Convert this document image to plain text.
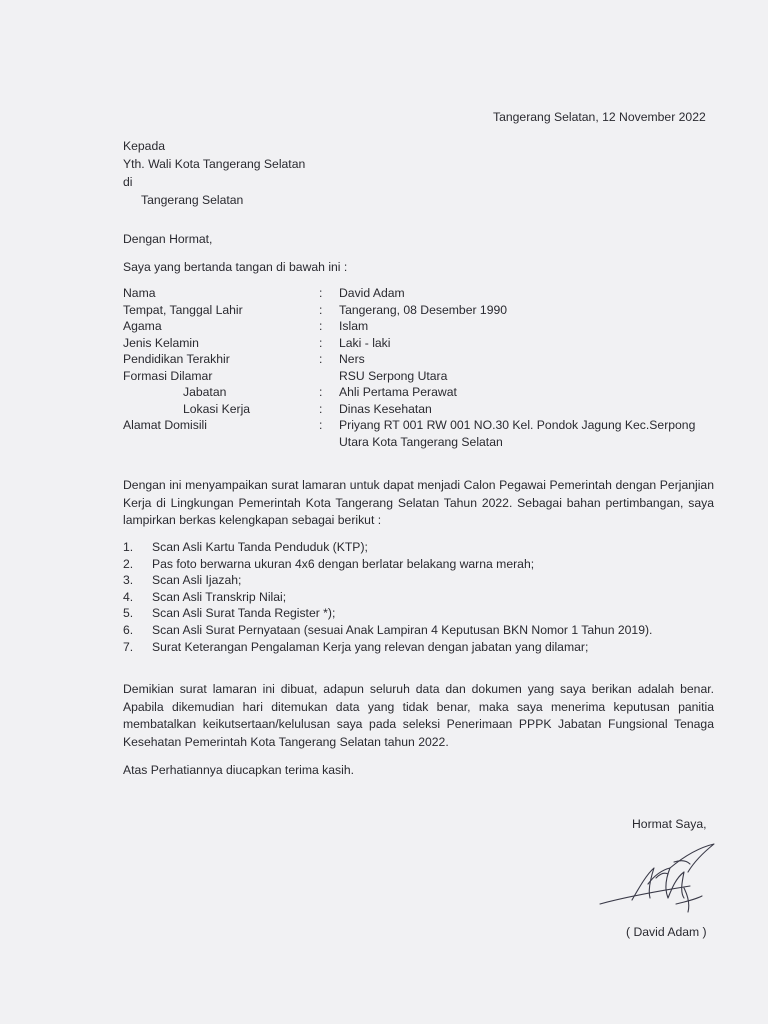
Tangerang Selatan, 12 November 2022
Kepada
Yth. Wali Kota Tangerang Selatan
di
Tangerang Selatan
Dengan Hormat,
Saya yang bertanda tangan di bawah ini :
Nama	: David Adam
Tempat, Tanggal Lahir	: Tangerang, 08 Desember 1990
Agama	: Islam
Jenis Kelamin	: Laki - laki
Pendidikan Terakhir	: Ners
Formasi Dilamar	RSU Serpong Utara
Jabatan	: Ahli Pertama Perawat
Lokasi Kerja	: Dinas Kesehatan
Alamat Domisili	: Priyang RT 001 RW 001 NO.30 Kel. Pondok Jagung Kec.Serpong
Utara Kota Tangerang Selatan
Dengan ini menyampaikan surat lamaran untuk dapat menjadi Calon Pegawai Pemerintah dengan Perjanjian Kerja di Lingkungan Pemerintah Kota Tangerang Selatan Tahun 2022. Sebagai bahan pertimbangan, saya lampirkan berkas kelengkapan sebagai berikut :
1. Scan Asli Kartu Tanda Penduduk (KTP);
2. Pas foto berwarna ukuran 4x6 dengan berlatar belakang warna merah;
3. Scan Asli Ijazah;
4. Scan Asli Transkrip Nilai;
5. Scan Asli Surat Tanda Register *);
6. Scan Asli Surat Pernyataan (sesuai Anak Lampiran 4 Keputusan BKN Nomor 1 Tahun 2019).
7. Surat Keterangan Pengalaman Kerja yang relevan dengan jabatan yang dilamar;
Demikian surat lamaran ini dibuat, adapun seluruh data dan dokumen yang saya berikan adalah benar. Apabila dikemudian hari ditemukan data yang tidak benar, maka saya menerima keputusan panitia membatalkan keikutsertaan/kelulusan saya pada seleksi Penerimaan PPPK Jabatan Fungsional Tenaga Kesehatan Pemerintah Kota Tangerang Selatan tahun 2022.
Atas Perhatiannya diucapkan terima kasih.
Hormat Saya,
( David Adam )
